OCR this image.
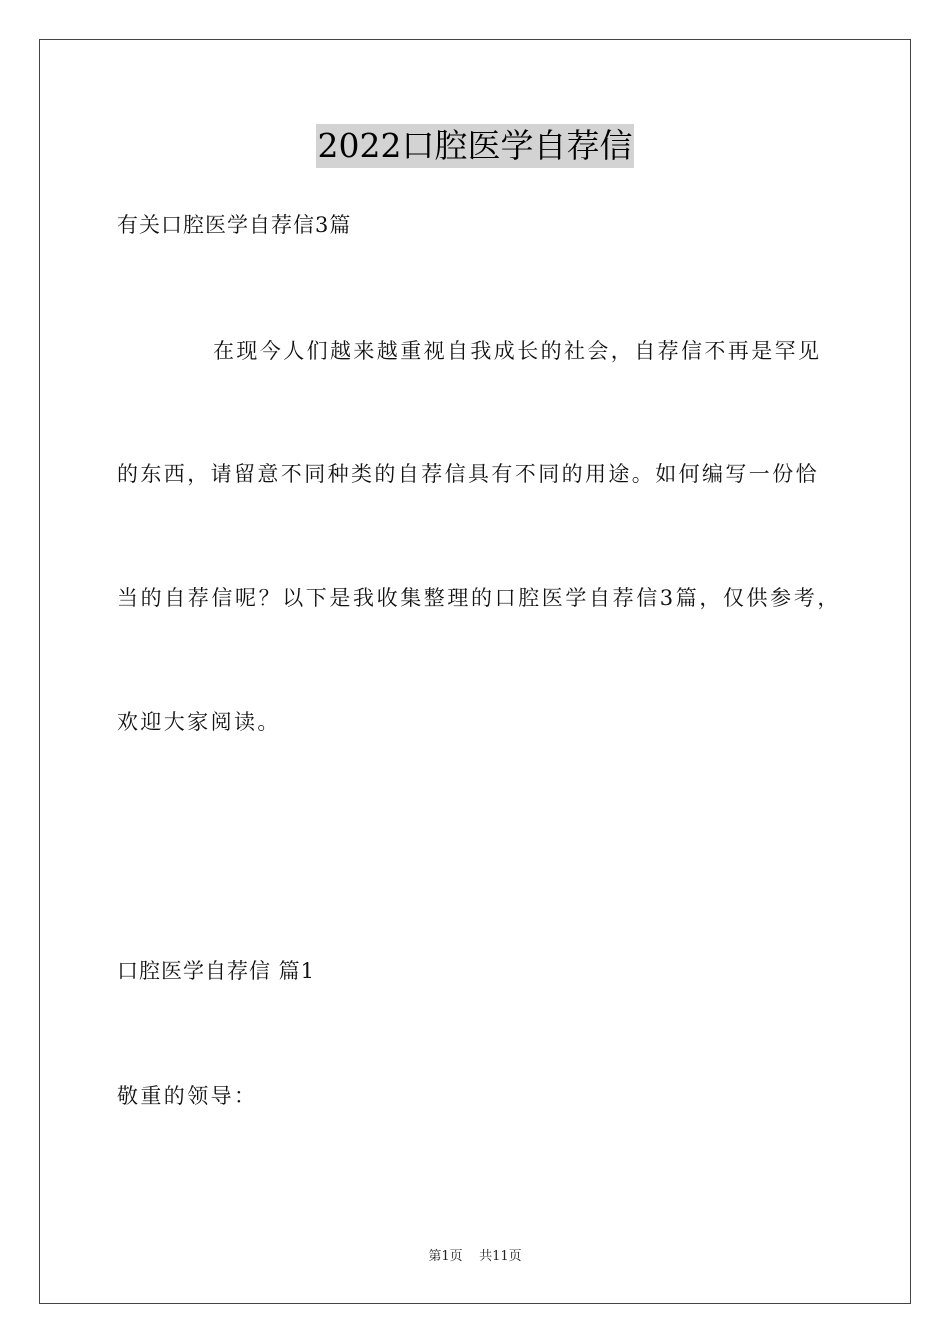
2022口腔医学自荐信
有关口腔医学自荐信3篇
在现今人们越来越重视自我成长的社会，自荐信不再是罕见
的东西，请留意不同种类的自荐信具有不同的用途。如何编写一份恰
当的自荐信呢？以下是我收集整理的口腔医学自荐信3篇，仅供参考，
欢迎大家阅读。
口腔医学自荐信 篇1
敬重的领导：
第1页 共11页
